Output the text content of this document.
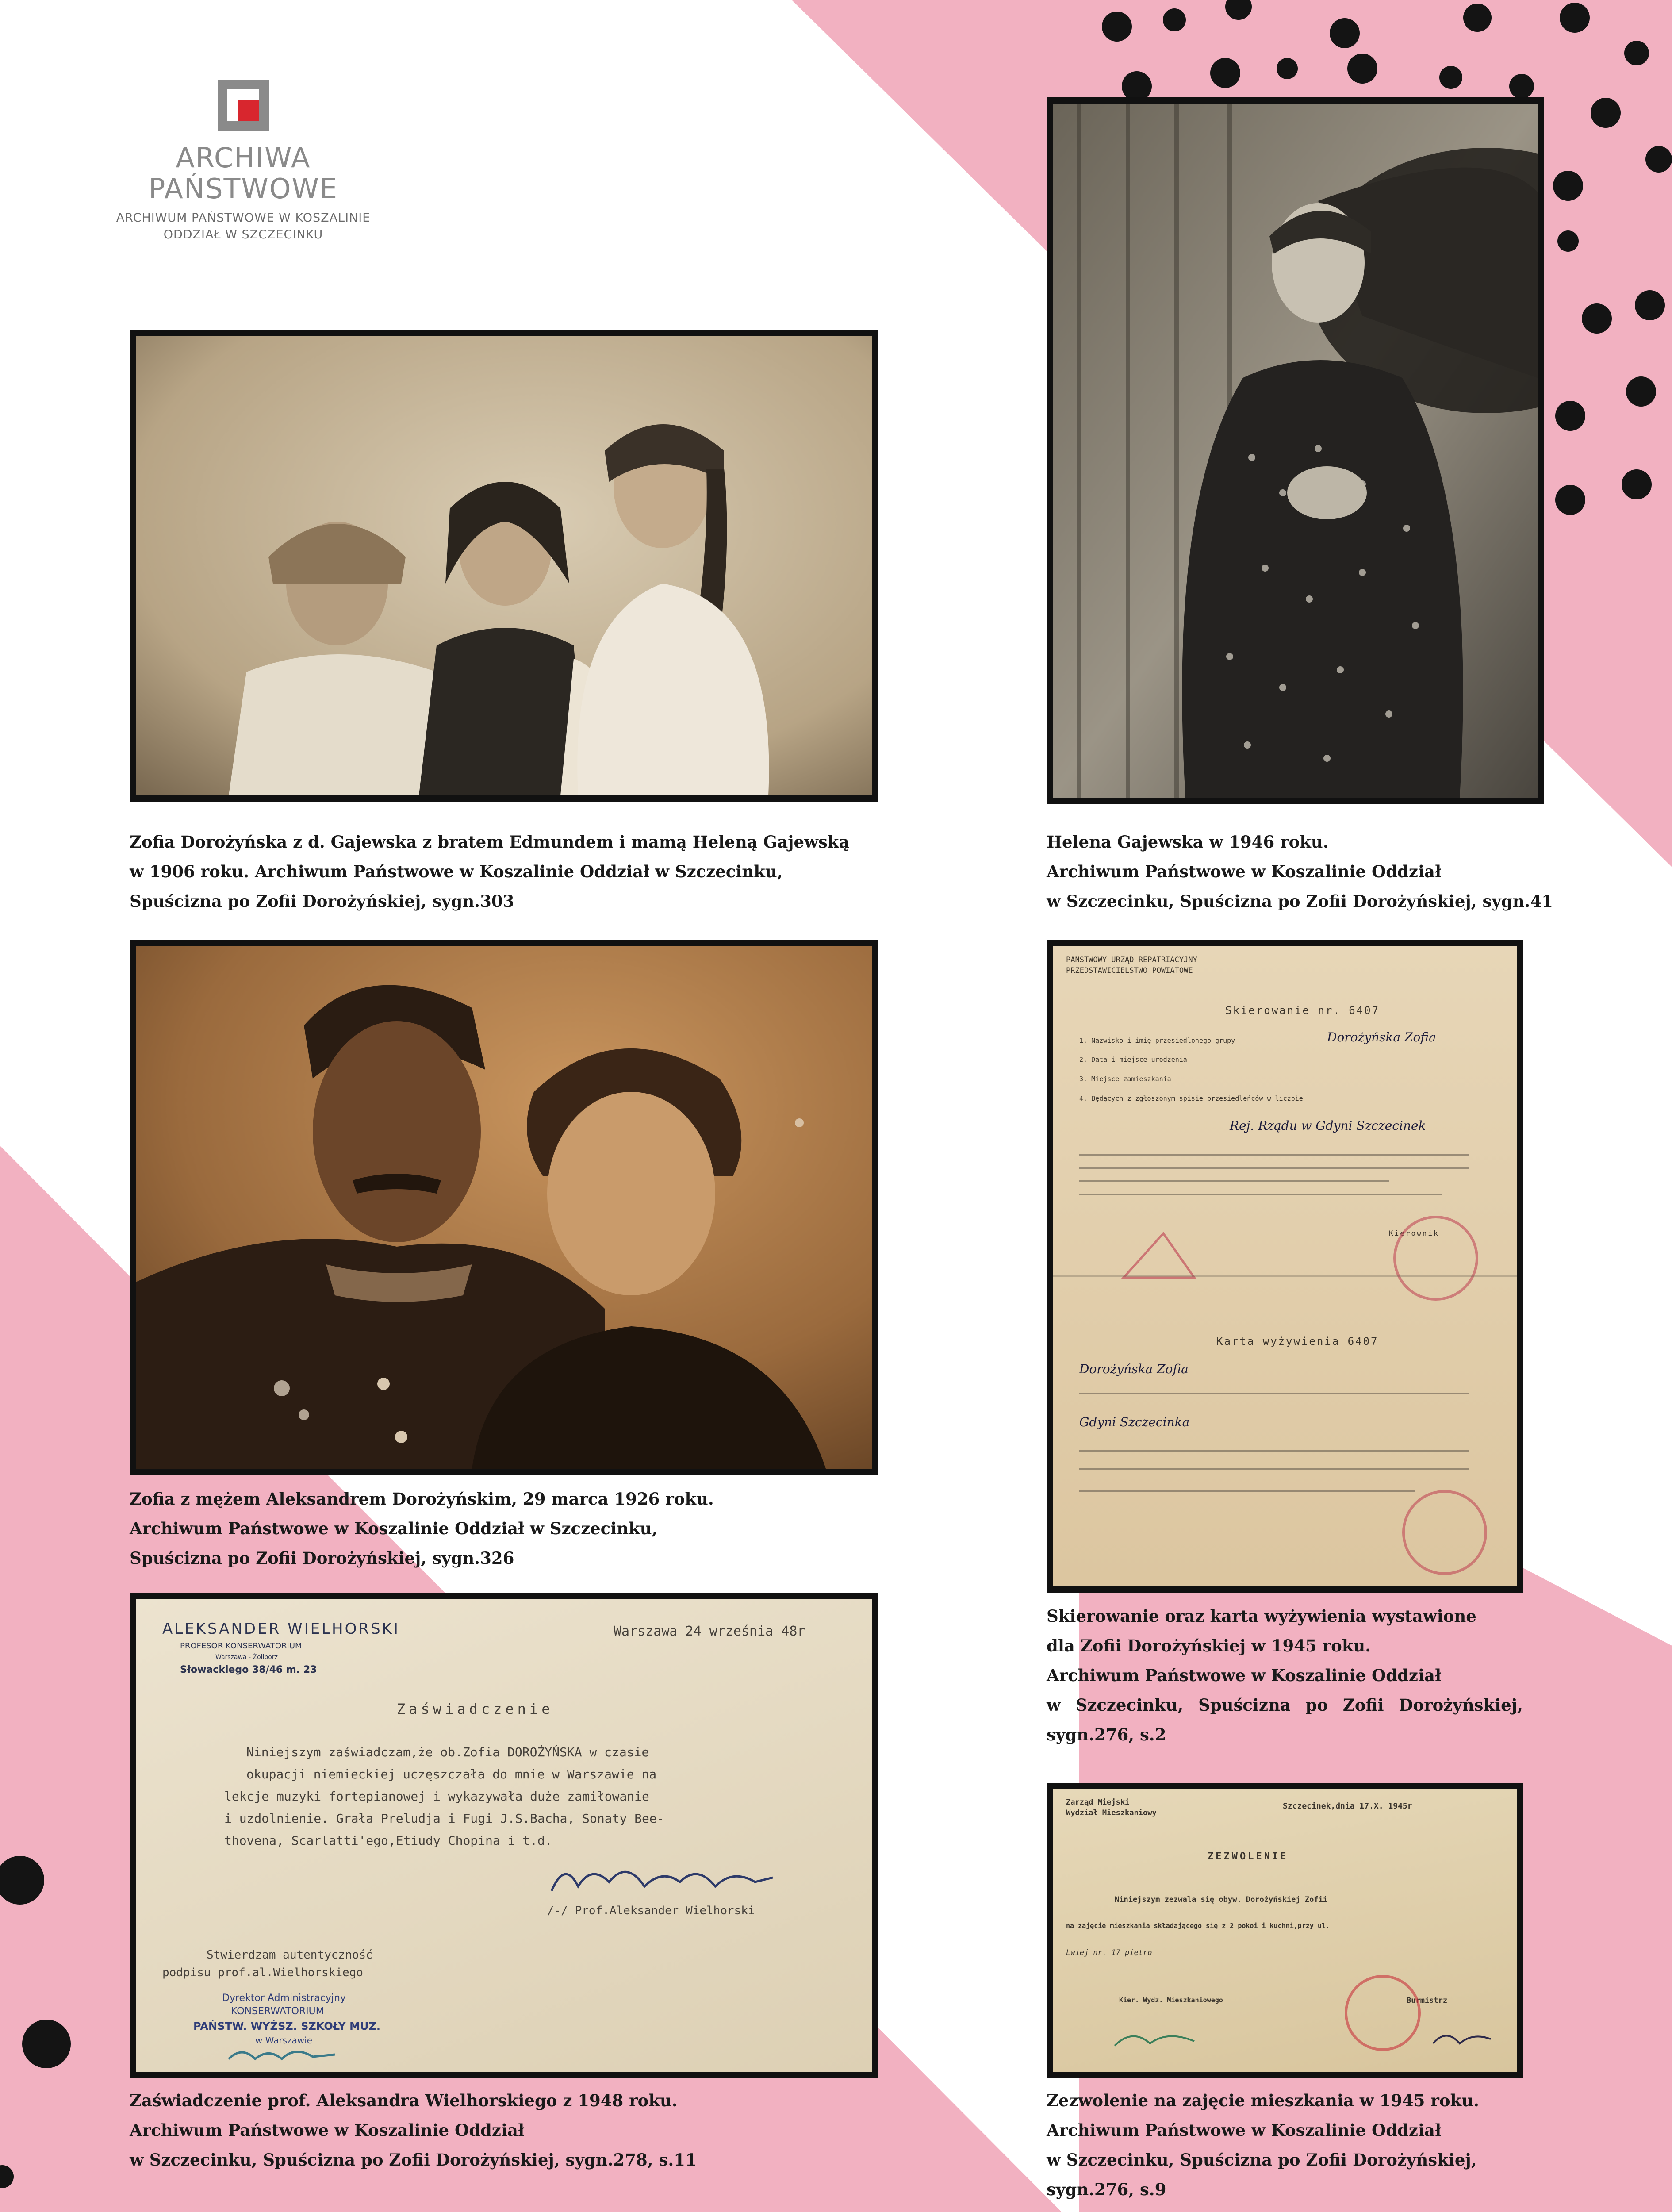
ARCHIWA
PAŃSTWOWE
ARCHIWUM PAŃSTWOWE W KOSZALINIE
ODDZIAŁ W SZCZECINKU
Zofia Dorożyńska z d. Gajewska z bratem Edmundem i mamą Heleną Gajewską
w 1906 roku. Archiwum Państwowe w Koszalinie Oddział w Szczecinku,
Spuścizna po Zofii Dorożyńskiej, sygn.303
Helena Gajewska w 1946 roku.
Archiwum Państwowe w Koszalinie Oddział
w Szczecinku, Spuścizna po Zofii Dorożyńskiej, sygn.41
Zofia z mężem Aleksandrem Dorożyńskim, 29 marca 1926 roku.
Archiwum Państwowe w Koszalinie Oddział w Szczecinku,
Spuścizna po Zofii Dorożyńskiej, sygn.326
PAŃSTWOWY URZĄD REPATRIACYJNY
PRZEDSTAWICIELSTWO POWIATOWE
Skierowanie nr. 6407
1. Nazwisko i imię przesiedlonego grupy	Dorożyńska Zofia
2. Data i miejsce urodzenia
3. Miejsce zamieszkania
4. Będących z zgłoszonym spisie przesiedleńców w liczbie
Rej. Rządu w Gdyni Szczecinek
Kierownik
Karta wyżywienia 6407
Dorożyńska Zofia
Gdyni Szczecinka
Skierowanie oraz karta wyżywienia wystawione
dla Zofii Dorożyńskiej w 1945 roku.
Archiwum Państwowe w Koszalinie Oddział
w Szczecinku, Spuścizna po Zofii Dorożyńskiej,
sygn.276, s.2
ALEKSANDER WIELHORSKI
PROFESOR KONSERWATORIUM
Warszawa - Żoliborz
Słowackiego 38/46 m. 23
Warszawa 24 września 48r
Zaświadczenie
Niniejszym zaświadczam,że ob.Zofia DOROŻYŃSKA w czasie
okupacji niemieckiej uczęszczała do mnie w Warszawie na
lekcje muzyki fortepianowej i wykazywała duże zamiłowanie
i uzdolnienie. Grała Preludja i Fugi J.S.Bacha, Sonaty Bee-
thovena, Scarlatti'ego,Etiudy Chopina i t.d.
/-/ Prof.Aleksander Wielhorski
Stwierdzam autentyczność
podpisu prof.al.Wielhorskiego
Dyrektor Administracyjny
KONSERWATORIUM
PAŃSTW. WYŻSZ. SZKOŁY MUZ.
w Warszawie
Zaświadczenie prof. Aleksandra Wielhorskiego z 1948 roku.
Archiwum Państwowe w Koszalinie Oddział
w Szczecinku, Spuścizna po Zofii Dorożyńskiej, sygn.278, s.11
Zarząd Miejski
Wydział Mieszkaniowy
Szczecinek,dnia 17.X. 1945r
ZEZWOLENIE
Niniejszym zezwala się obyw. Dorożyńskiej Zofii
na zajęcie mieszkania składającego się z 2 pokoi i kuchni,przy ul.
Lwiej nr. 17 piętro
Kier. Wydz. Mieszkaniowego	Burmistrz
Zezwolenie na zajęcie mieszkania w 1945 roku.
Archiwum Państwowe w Koszalinie Oddział
w Szczecinku, Spuścizna po Zofii Dorożyńskiej,
sygn.276, s.9
